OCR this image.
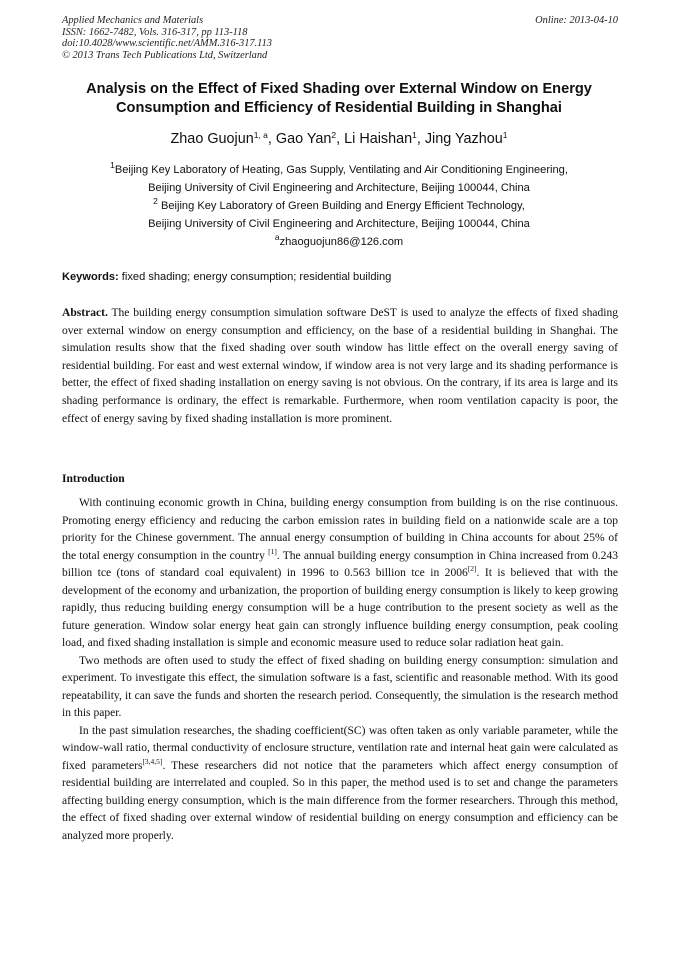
Applied Mechanics and Materials
ISSN: 1662-7482, Vols. 316-317, pp 113-118
doi:10.4028/www.scientific.net/AMM.316-317.113
© 2013 Trans Tech Publications Ltd, Switzerland
Online: 2013-04-10
Analysis on the Effect of Fixed Shading over External Window on Energy Consumption and Efficiency of Residential Building in Shanghai
Zhao Guojun$^{1, a}$, Gao Yan$^2$, Li Haishan$^1$, Jing Yazhou$^1$
$^1$Beijing Key Laboratory of Heating, Gas Supply, Ventilating and Air Conditioning Engineering,
Beijing University of Civil Engineering and Architecture, Beijing 100044, China
$^2$ Beijing Key Laboratory of Green Building and Energy Efficient Technology,
Beijing University of Civil Engineering and Architecture, Beijing 100044, China
$^a$zhaoguojun86@126.com
Keywords: fixed shading; energy consumption; residential building
Abstract. The building energy consumption simulation software DeST is used to analyze the effects of fixed shading over external window on energy consumption and efficiency, on the base of a residential building in Shanghai. The simulation results show that the fixed shading over south window has little effect on the overall energy saving of residential building. For east and west external window, if window area is not very large and its shading performance is better, the effect of fixed shading installation on energy saving is not obvious. On the contrary, if its area is large and its shading performance is ordinary, the effect is remarkable. Furthermore, when room ventilation capacity is poor, the effect of energy saving by fixed shading installation is more prominent.
Introduction

With continuing economic growth in China, building energy consumption from building is on the rise continuous. Promoting energy efficiency and reducing the carbon emission rates in building field on a nationwide scale are a top priority for the Chinese government. The annual energy consumption of building in China accounts for about 25% of the total energy consumption in the country [1]. The annual building energy consumption in China increased from 0.243 billion tce (tons of standard coal equivalent) in 1996 to 0.563 billion tce in 2006[2]. It is believed that with the development of the economy and urbanization, the proportion of building energy consumption is likely to keep growing rapidly, thus reducing building energy consumption will be a huge contribution to the present society as well as the future generation. Window solar energy heat gain can strongly influence building energy consumption, peak cooling load, and fixed shading installation is simple and economic measure used to reduce solar radiation heat gain.

Two methods are often used to study the effect of fixed shading on building energy consumption: simulation and experiment. To investigate this effect, the simulation software is a fast, scientific and reasonable method. With its good repeatability, it can save the funds and shorten the research period. Consequently, the simulation is the research method in this paper.

In the past simulation researches, the shading coefficient(SC) was often taken as only variable parameter, while the window-wall ratio, thermal conductivity of enclosure structure, ventilation rate and internal heat gain were calculated as fixed parameters[3,4,5]. These researchers did not notice that the parameters which affect energy consumption of residential building are interrelated and coupled. So in this paper, the method used is to set and change the parameters affecting building energy consumption, which is the main difference from the former researchers. Through this method, the effect of fixed shading over external window of residential building on energy consumption and efficiency can be analyzed more properly.
